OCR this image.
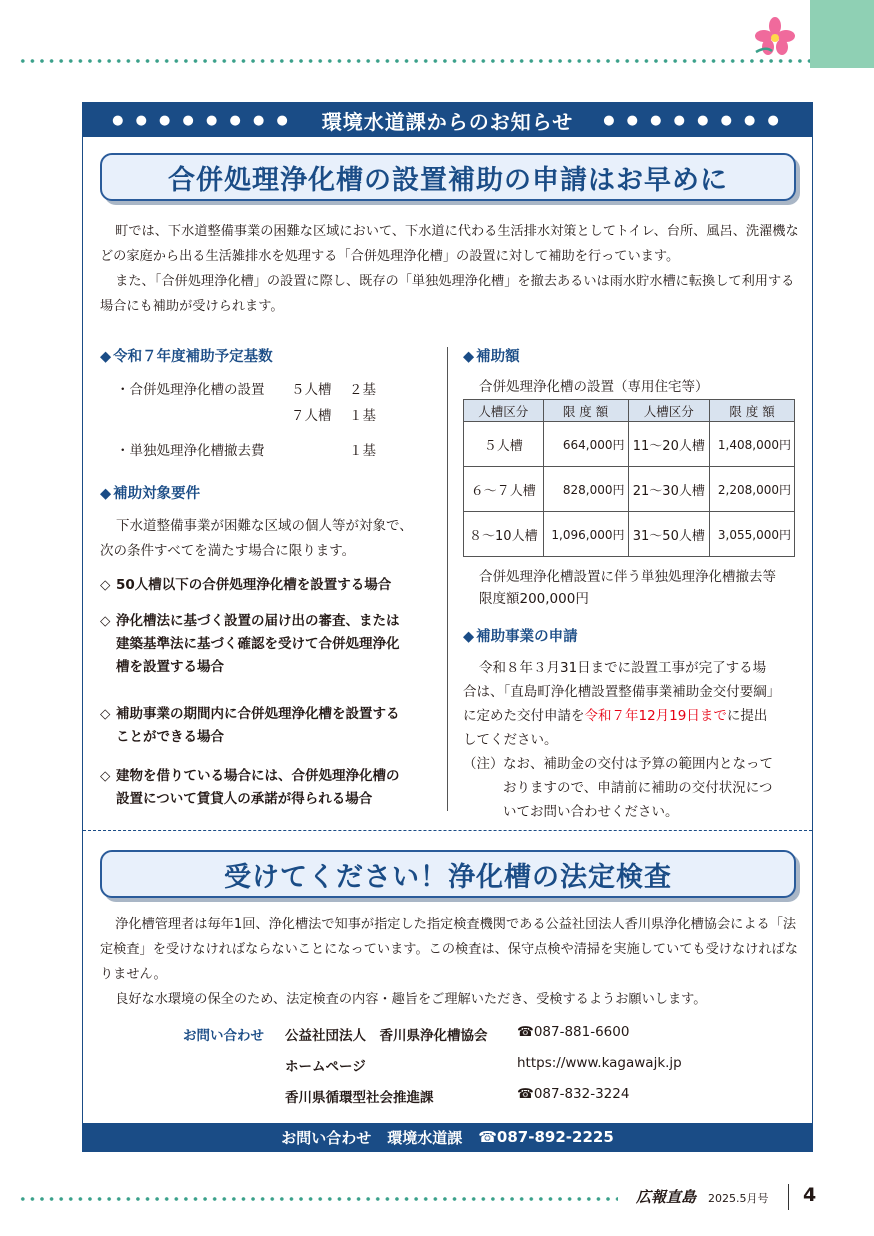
● ● ● ● ● ● ● ● 環境水道課からのお知らせ ● ● ● ● ● ● ● ●
合併処理浄化槽の設置補助の申請はお早めに

町では、下水道整備事業の困難な区域において、下水道に代わる生活排水対策としてトイレ、台所、風呂、洗濯機などの家庭から出る生活雑排水を処理する「合併処理浄化槽」の設置に対して補助を行っています。

また、「合併処理浄化槽」の設置に際し、既存の「単独処理浄化槽」を撤去あるいは雨水貯水槽に転換して利用する場合にも補助が受けられます。

◆ 令和７年度補助予定基数
・合併処理浄化槽の設置 ５人槽 ２基
７人槽 １基
・単独処理浄化槽撤去費	１基
◆ 補助対象要件
下水道整備事業が困難な区域の個人等が対象で、
次の条件すべてを満たす場合に限ります。
◇ 50人槽以下の合併処理浄化槽を設置する場合
◇ 浄化槽法に基づく設置の届け出の審査、または
建築基準法に基づく確認を受けて合併処理浄化
槽を設置する場合
◇ 補助事業の期間内に合併処理浄化槽を設置する
ことができる場合
◇ 建物を借りている場合には、合併処理浄化槽の
設置について賃貸人の承諾が得られる場合
◆ 補助額
合併処理浄化槽の設置（専用住宅等）
人槽区分	限 度 額	人槽区分	限 度 額
５人槽	664,000円	11～20人槽	1,408,000円
６～７人槽	828,000円	21～30人槽	2,208,000円
８～10人槽	1,096,000円	31～50人槽	3,055,000円
合併処理浄化槽設置に伴う単独処理浄化槽撤去等
限度額200,000円
◆ 補助事業の申請
令和８年３月31日までに設置工事が完了する場
合は、「直島町浄化槽設置整備事業補助金交付要綱」
に定めた交付申請を令和７年12月19日までに提出
してください。
（注） なお、補助金の交付は予算の範囲内となって
おりますので、申請前に補助の交付状況につ
いてお問い合わせください。
受けてください！浄化槽の法定検査

浄化槽管理者は毎年1回、浄化槽法で知事が指定した指定検査機関である公益社団法人香川県浄化槽協会による「法定検査」を受けなければならないことになっています。この検査は、保守点検や清掃を実施していても受けなければなりません。

良好な水環境の保全のため、法定検査の内容・趣旨をご理解いただき、受検するようお願いします。

お問い合わせ 公益社団法人　香川県浄化槽協会 ☎087-881-6600
ホームページ	https://www.kagawajk.jp
香川県循環型社会推進課	☎087-832-3224
お問い合わせ 環境水道課 ☎087-892-2225
広報直島 2025.5月号 4
